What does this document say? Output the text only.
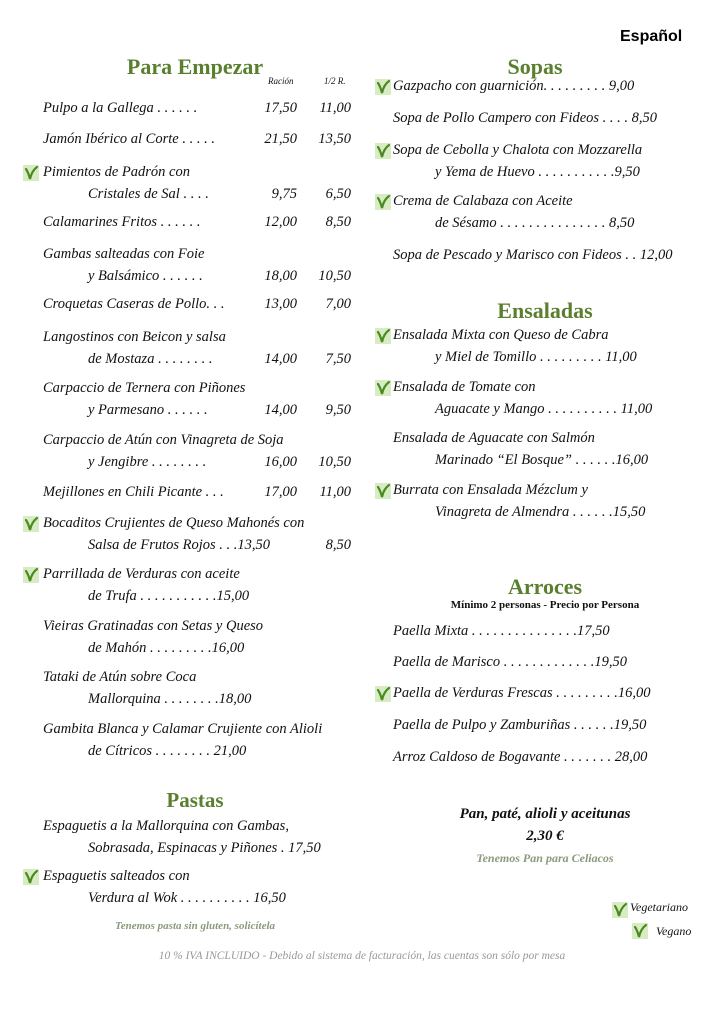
Español
Para Empezar
Ración	1/2 R.
Pulpo a la Gallega . . . . . .	17,50	11,00
Jamón Ibérico al Corte . . . . .	21,50	13,50
Pimientos de Padrón con
Cristales de Sal . . . .	9,75	6,50
Calamarines Fritos . . . . . .	12,00	8,50
Gambas salteadas con Foie
y Balsámico . . . . . .	18,00	10,50
Croquetas Caseras de Pollo. . .	13,00	7,00
Langostinos con Beicon y salsa
de Mostaza . . . . . . . .	14,00	7,50
Carpaccio de Ternera con Piñones
y Parmesano . . . . . .	14,00	9,50
Carpaccio de Atún con Vinagreta de Soja
y Jengibre . . . . . . . .	16,00	10,50
Mejillones en Chili Picante . . .	17,00	11,00
Bocaditos Crujientes de Queso Mahonés con
Salsa de Frutos Rojos . . .13,50	8,50
Parrillada de Verduras con aceite
de Trufa . . . . . . . . . . .15,00
Vieiras Gratinadas con Setas y Queso
de Mahón . . . . . . . . .16,00
Tataki de Atún sobre Coca
Mallorquina . . . . . . . .18,00
Gambita Blanca y Calamar Crujiente con Alioli
de Cítricos . . . . . . . . 21,00
Pastas
Espaguetis a la Mallorquina con Gambas,
Sobrasada, Espinacas y Piñones . 17,50
Espaguetis salteados con
Verdura al Wok . . . . . . . . . . 16,50
Tenemos pasta sin gluten, solicítela
Sopas
Gazpacho con guarnición. . . . . . . . . 9,00
Sopa de Pollo Campero con Fideos . . . . 8,50
Sopa de Cebolla y Chalota con Mozzarella
y Yema de Huevo . . . . . . . . . . .9,50
Crema de Calabaza con Aceite
de Sésamo . . . . . . . . . . . . . . . 8,50
Sopa de Pescado y Marisco con Fideos . . 12,00
Ensaladas
Ensalada Mixta con Queso de Cabra
y Miel de Tomillo . . . . . . . . . 11,00
Ensalada de Tomate con
Aguacate y Mango . . . . . . . . . . 11,00
Ensalada de Aguacate con Salmón
Marinado “El Bosque” . . . . . .16,00
Burrata con Ensalada Mézclum y
Vinagreta de Almendra . . . . . .15,50
Arroces
Mínimo 2 personas - Precio por Persona
Paella Mixta . . . . . . . . . . . . . . .17,50
Paella de Marisco . . . . . . . . . . . . .19,50
Paella de Verduras Frescas . . . . . . . . .16,00
Paella de Pulpo y Zamburiñas . . . . . .19,50
Arroz Caldoso de Bogavante . . . . . . . 28,00
Pan, paté, alioli y aceitunas
2,30 €
Tenemos Pan para Celiacos
Vegetariano
Vegano
10 % IVA INCLUIDO - Debido al sistema de facturación, las cuentas son sólo por mesa
